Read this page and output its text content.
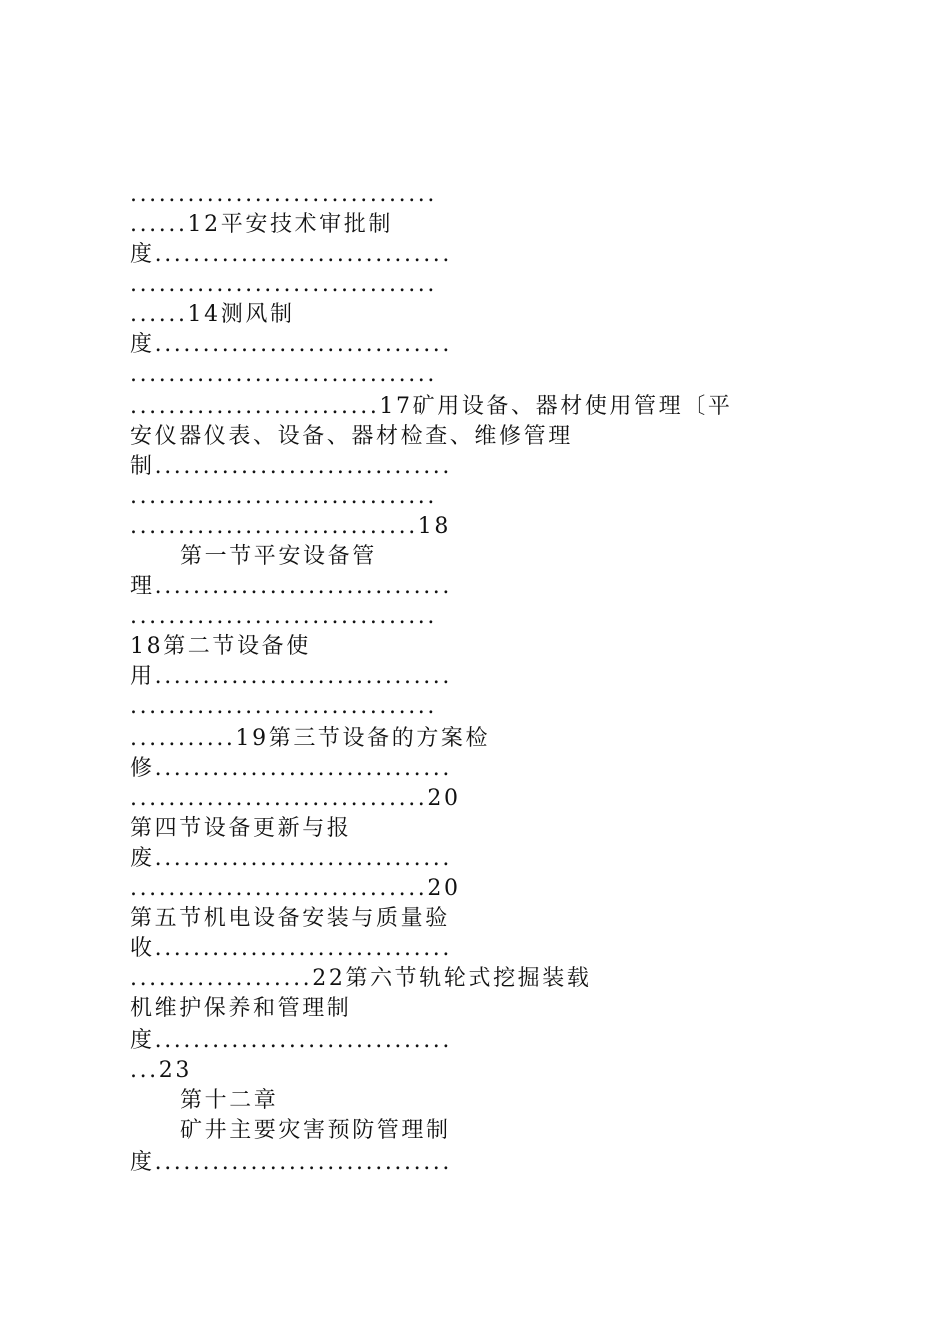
................................
......12平安技术审批制
度...............................
................................
......14测风制
度...............................
................................
..........................17矿用设备、器材使用管理〔平
安仪器仪表、设备、器材检查、维修管理
制...............................
................................
..............................18
第一节平安设备管
理...............................
................................
18第二节设备使
用...............................
................................
...........19第三节设备的方案检
修...............................
...............................20
第四节设备更新与报
废...............................
...............................20
第五节机电设备安装与质量验
收...............................
...................22第六节轨轮式挖掘装载
机维护保养和管理制
度...............................
...23
第十二章
矿井主要灾害预防管理制
度...............................
